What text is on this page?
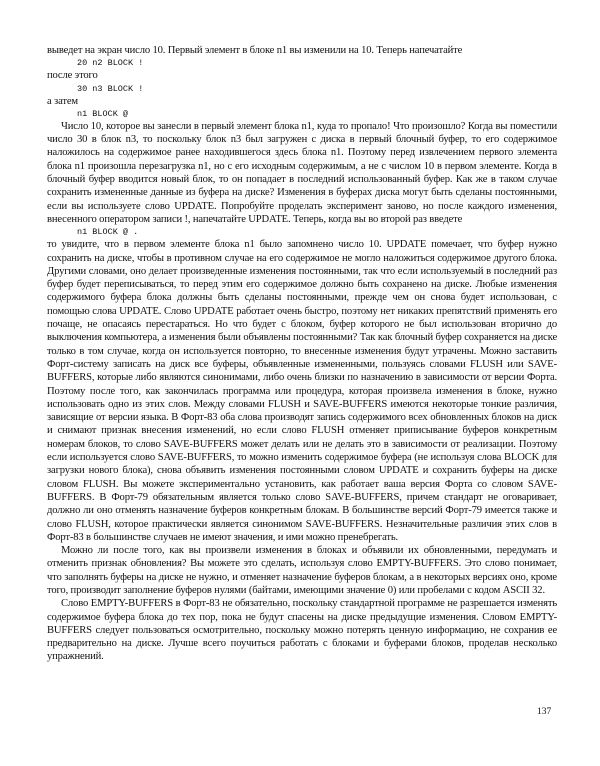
выведет на экран число 10. Первый элемент в блоке n1 вы изменили на 10. Теперь напечатайте

20 n2 BLOCK !

после этого

30 n3 BLOCK !

а затем

n1 BLOCK @

Число 10, которое вы занесли в первый элемент блока n1, куда то пропало! Что произошло? Когда вы поместили число 30 в блок n3, то поскольку блок n3 был загружен с диска в первый блочный буфер, то его содержимое наложилось на содержимое ранее находившегося здесь блока n1. Поэтому перед извлечением первого элемента блока n1 произошла перезагрузка n1, но с его исходным содержимым, а не с числом 10 в первом элементе. Когда в блочный буфер вводится новый блок, то он попадает в последний использованный буфер. Как же в таком случае сохранить измененные данные из буфера на диске? Изменения в буферах диска могут быть сделаны постоянными, если вы используете слово UPDATE. Попробуйте проделать эксперимент заново, но после каждого изменения, внесенного оператором записи !, напечатайте UPDATE. Теперь, когда вы во второй раз введете

n1 BLOCK @ .

то увидите, что в первом элементе блока n1 было запомнено число 10. UPDATE помечает, что буфер нужно сохранить на диске, чтобы в противном случае на его содержимое не могло наложиться содержимое другого блока. Другими словами, оно делает произведенные изменения постоянными, так что если используемый в последний раз буфер будет переписываться, то перед этим его содержимое должно быть сохранено на диске. Любые изменения содержимого буфера блока должны быть сделаны постоянными, прежде чем он снова будет использован, с помощью слова UPDATE. Слово UPDATE работает очень быстро, поэтому нет никаких препятствий применять его почаще, не опасаясь перестараться. Но что будет с блоком, буфер которого не был использован вторично до выключения компьютера, а изменения были объявлены постоянными? Так как блочный буфер сохраняется на диске только в том случае, когда он используется повторно, то внесенные изменения будут утрачены. Можно заставить Форт-систему записать на диск все буферы, объявленные измененными, пользуясь словами FLUSH или SAVE-BUFFERS, которые либо являются синонимами, либо очень близки по назначению в зависимости от версии Форта. Поэтому после того, как закончилась программа или процедура, которая произвела изменения в блоке, нужно использовать одно из этих слов. Между словами FLUSH и SAVE-BUFFERS имеются некоторые тонкие различия, зависящие от версии языка. В Форт-83 оба слова производят запись содержимого всех обновленных блоков на диск и снимают признак внесения изменений, но если слово FLUSH отменяет приписывание буферов конкретным номерам блоков, то слово SAVE-BUFFERS может делать или не делать это в зависимости от реализации. Поэтому если используется слово SAVE-BUFFERS, то можно изменить содержимое буфера (не используя слова BLOCK для загрузки нового блока), снова объявить изменения постоянными словом UPDATE и сохранить буферы на диске словом FLUSH. Вы можете экспериментально установить, как работает ваша версия Форта со словом SAVE-BUFFERS. В Форт-79 обязательным является только слово SAVE-BUFFERS, причем стандарт не оговаривает, должно ли оно отменять назначение буферов конкретным блокам. В большинстве версий Форт-79 имеется также и слово FLUSH, которое практически является синонимом SAVE-BUFFERS. Незначительные различия этих слов в Форт-83 в большинстве случаев не имеют значения, и ими можно пренебрегать.

Можно ли после того, как вы произвели изменения в блоках и объявили их обновленными, передумать и отменить признак обновления? Вы можете это сделать, используя слово EMPTY-BUFFERS. Это слово понимает, что заполнять буферы на диске не нужно, и отменяет назначение буферов блокам, а в некоторых версиях оно, кроме того, производит заполнение буферов нулями (байтами, имеющими значение 0) или пробелами с кодом ASCII 32.

Слово EMPTY-BUFFERS в Форт-83 не обязательно, поскольку стандартной программе не разрешается изменять содержимое буфера блока до тех пор, пока не будут спасены на диске предыдущие изменения. Словом EMPTY-BUFFERS следует пользоваться осмотрительно, поскольку можно потерять ценную информацию, не сохранив ее предварительно на диске. Лучше всего поучиться работать с блоками и буферами блоков, проделав несколько упражнений.

137
